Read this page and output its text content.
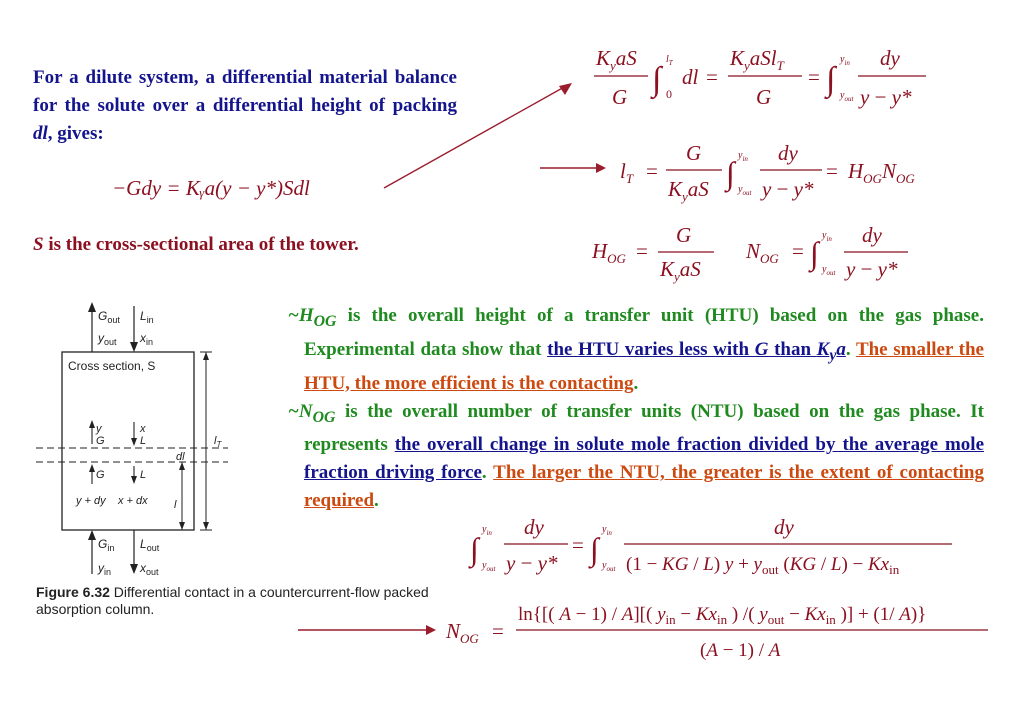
For a dilute system, a differential material balance for the solute over a differential height of packing dl, gives:
−Gdy = Kᵧa(y − y*)Sdl
S is the cross-sectional area of the tower.
$K_yaS$
G ∫
$l_T$
0
dl =
$K_yaSl_T$
G
= ∫
$y_{in}$
$y_{out}$
dy
y − y*
$l_T$ =
G
$K_yaS$ ∫ $y_{in}$
$y_{out}$
dy
y − y*
= $H_{OG}N_{OG}$
$H_{OG}$ =
G
$K_yaS$
$N_{OG}$ = ∫ $y_{in}$
$y_{out}$
dy
y − y*

$\sim H_{OG}$ is the overall height of a transfer unit (HTU) based on the gas phase. Experimental data show that the HTU varies less with G than $K_ya$. The smaller the HTU, the more efficient is the contacting.

$\sim N_{OG}$ is the overall number of transfer units (NTU) based on the gas phase. It represents the overall change in solute mole fraction divided by the average mole fraction driving force. The larger the NTU, the greater is the extent of contacting required.

∫
$y_{in}$
$y_{out}$
dy
y − y*
= ∫
$y_{in}$
$y_{out}$
dy
(1 − KG / L) $y + y_{out}$ $(KG / L) - Kx_{in}$
$N_{OG}$ =
ln{[( A − 1) / A][( $y_{in} - Kx_{in}$ ) /( $y_{out} - Kx_{in}$ )] + (1/ A)}
(A − 1) / A
$G_{out}$
$y_{out}$
$L_{in}$
$x_{in}$
Cross section, S
y
G
x
L
dl
G
y + dy
L
x + dx
$l_T$
l
$G_{in}$
$y_{in}$
$L_{out}$
$x_{out}$
Figure 6.32 Differential contact in a countercurrent-flow packed absorption column.
